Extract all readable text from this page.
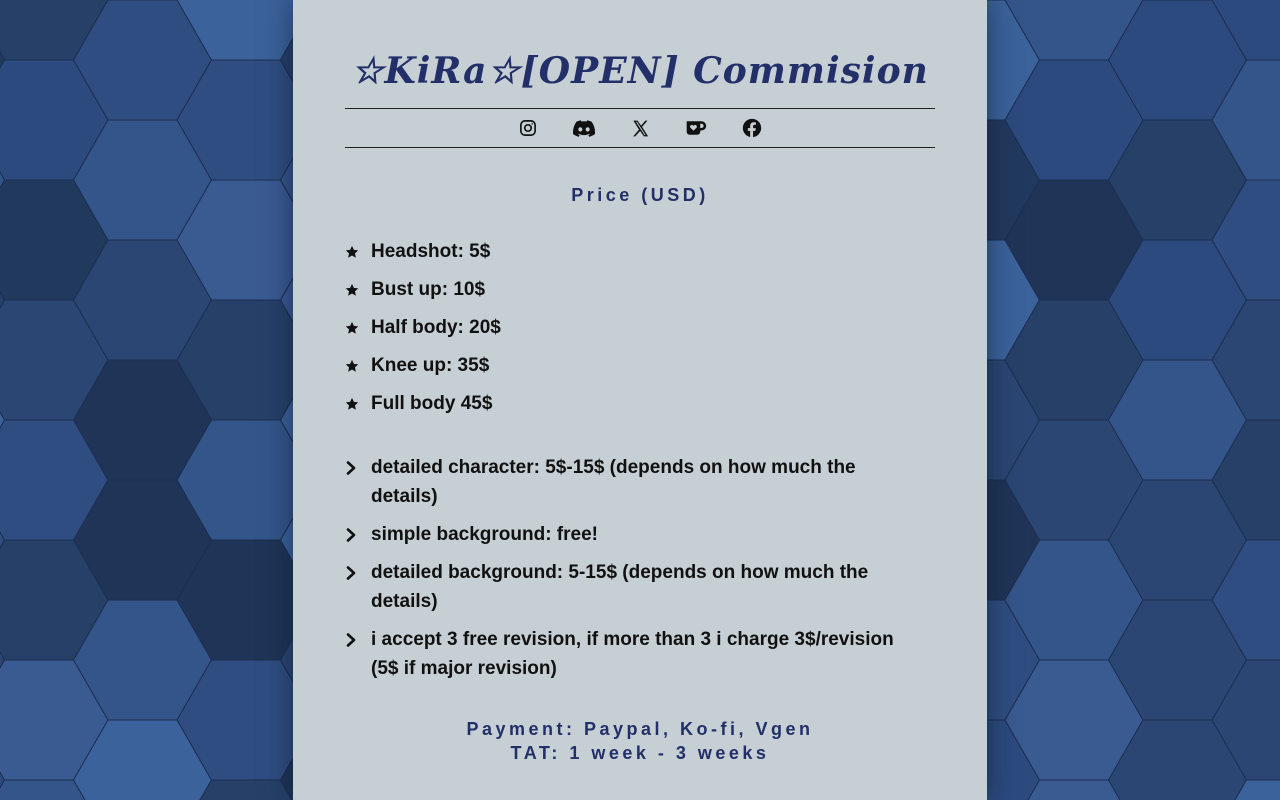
☆KiRa☆[OPEN] Commision
Price (USD)
Headshot: 5$
Bust up: 10$
Half body: 20$
Knee up: 35$
Full body 45$
detailed character: 5$-15$ (depends on how much the details)
simple background: free!
detailed background: 5-15$ (depends on how much the details)
i accept 3 free revision, if more than 3 i charge 3$/revision (5$ if major revision)
Payment: Paypal, Ko-fi, Vgen
TAT: 1 week - 3 weeks
